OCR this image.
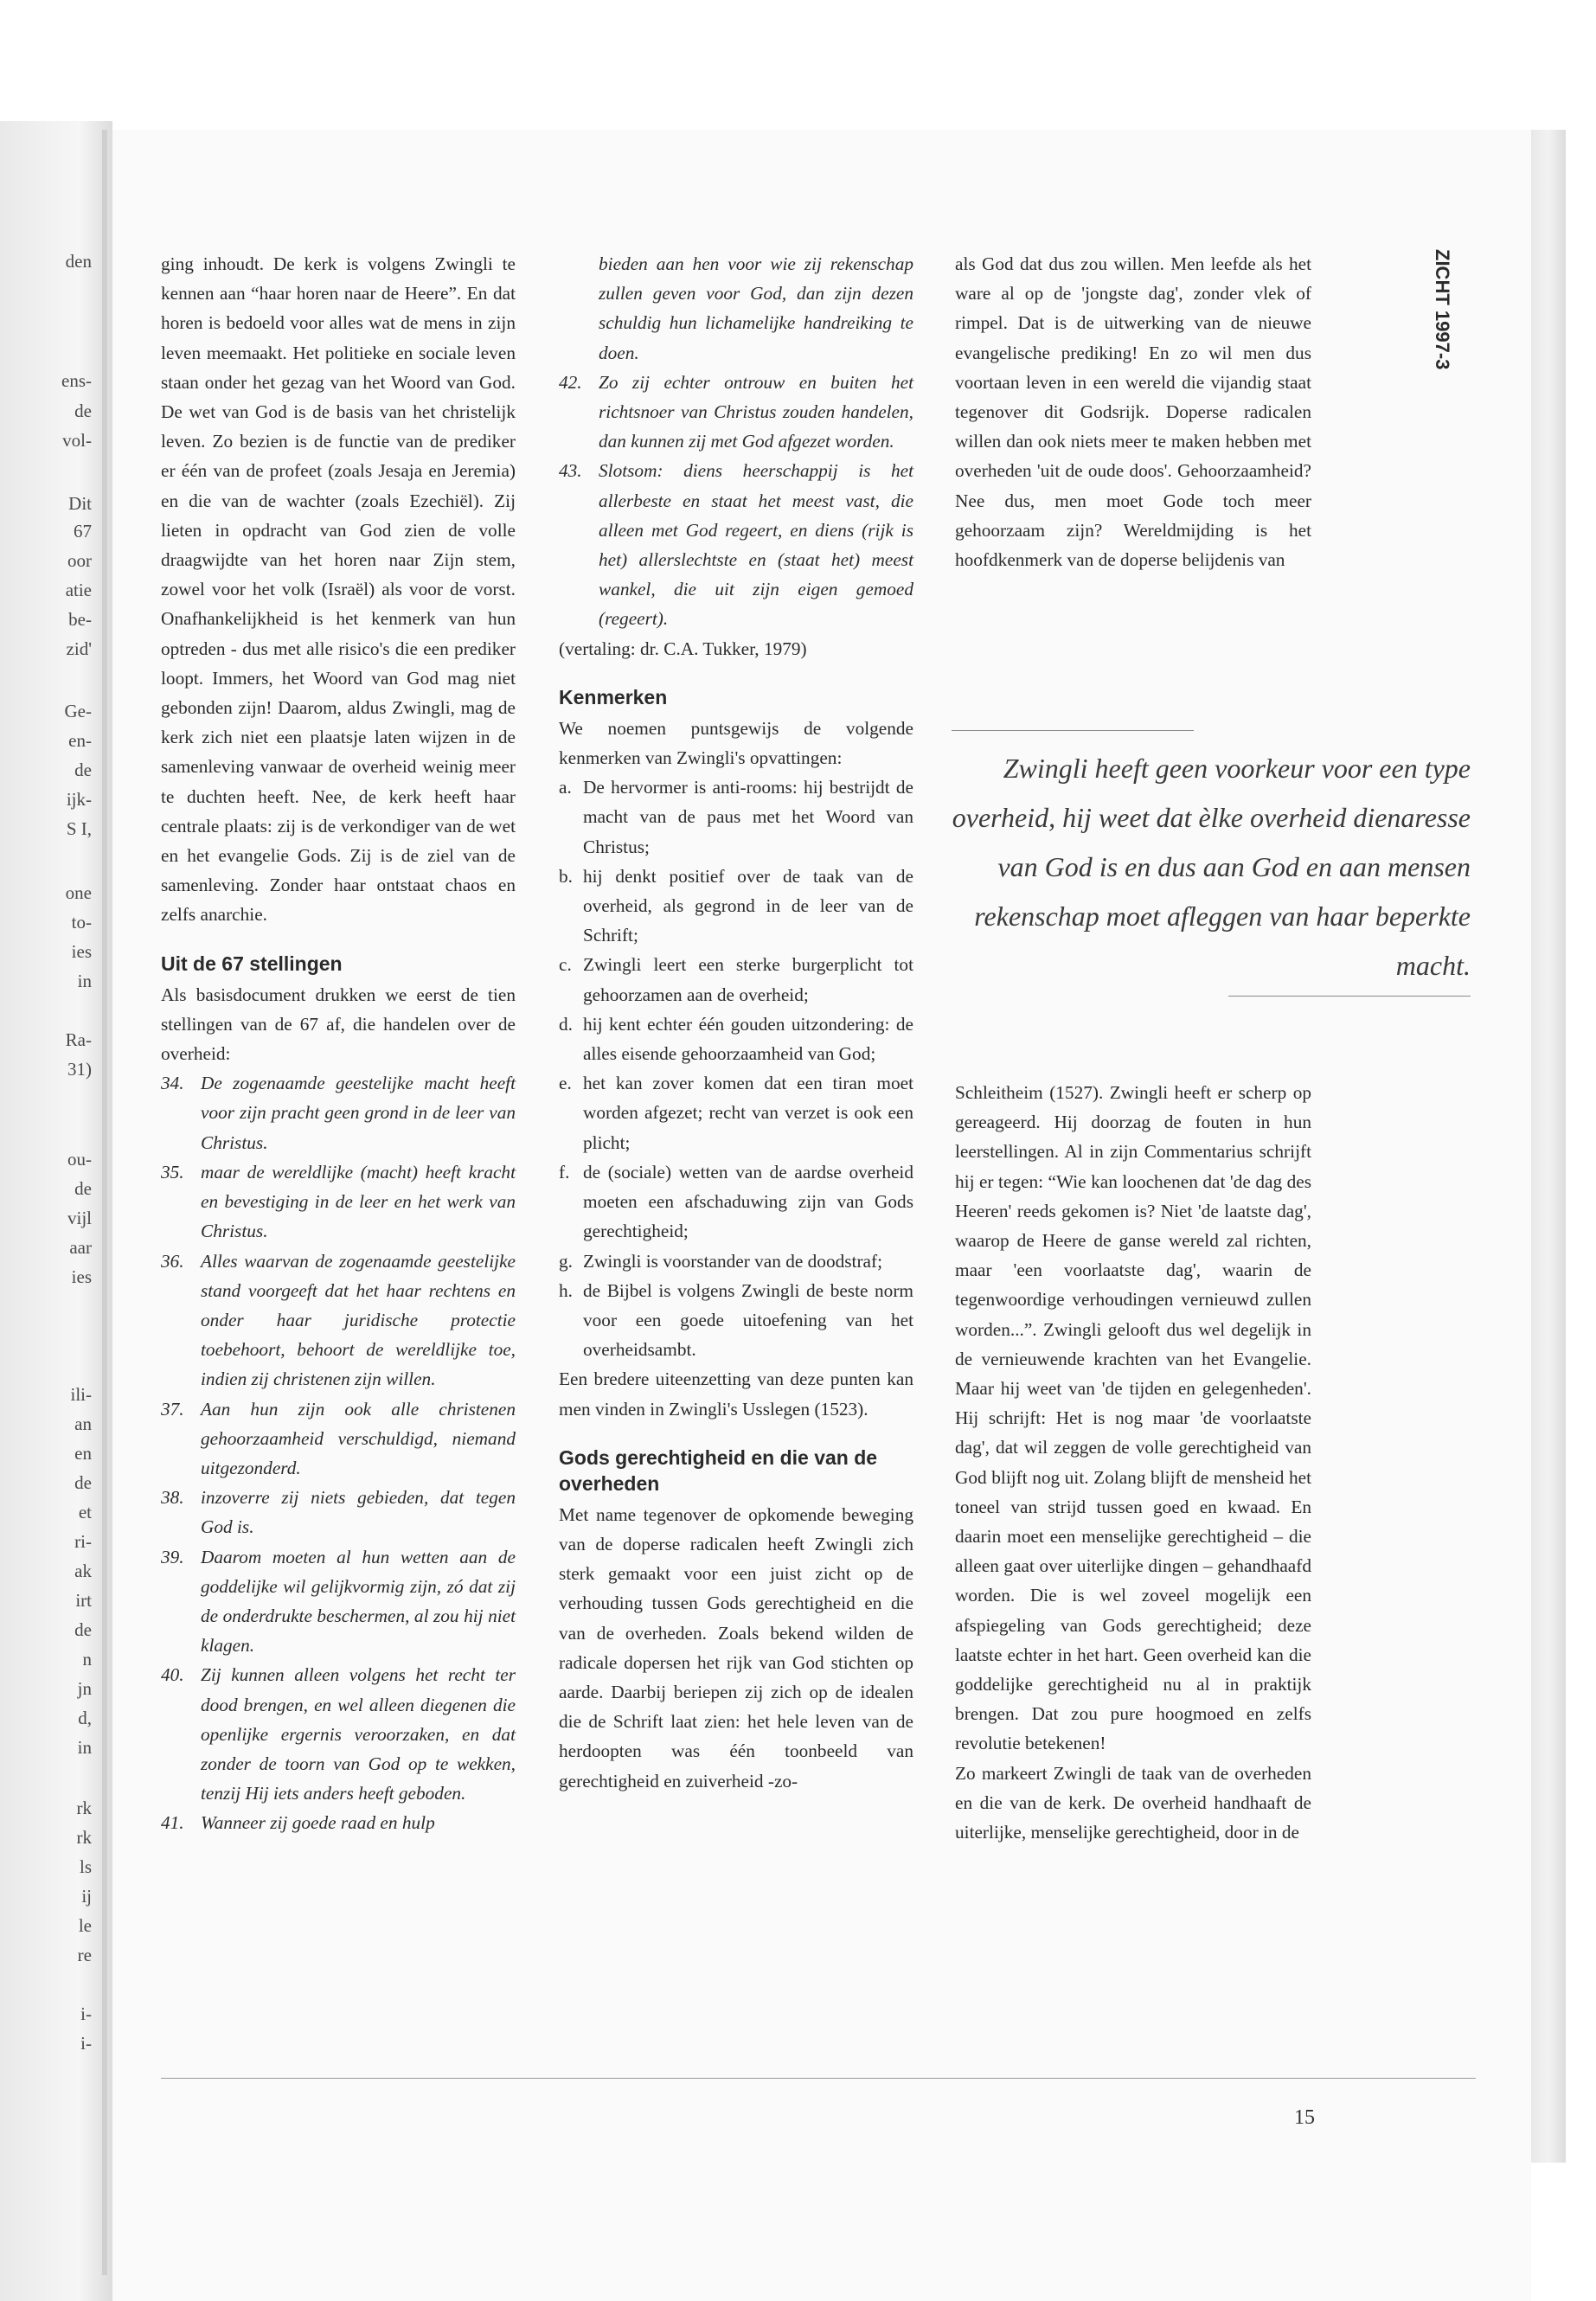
den
ens-
de
vol-
Dit
67
oor
atie
be-
zid'
Ge-
en-
de
ijk-
S I,
one
to-
ies
in
Ra-
31)
ou-
de
vijl
aar
ies
ili-
an
en
de
et
ri-
ak
irt
de
n
jn
d,
in
rk
rk
ls
ij
le
re
i-
i-

ZICHT 1997-3

ging inhoudt. De kerk is volgens Zwingli te kennen aan “haar horen naar de Heere”. En dat horen is bedoeld voor alles wat de mens in zijn leven meemaakt. Het politieke en sociale leven staan onder het gezag van het Woord van God. De wet van God is de basis van het christelijk leven. Zo bezien is de functie van de prediker er één van de profeet (zoals Jesaja en Jeremia) en die van de wachter (zoals Ezechiël). Zij lieten in opdracht van God zien de volle draagwijdte van het horen naar Zijn stem, zowel voor het volk (Israël) als voor de vorst. Onafhankelijkheid is het kenmerk van hun optreden - dus met alle risico's die een prediker loopt. Immers, het Woord van God mag niet gebonden zijn! Daarom, aldus Zwingli, mag de kerk zich niet een plaatsje laten wijzen in de samenleving vanwaar de overheid weinig meer te duchten heeft. Nee, de kerk heeft haar centrale plaats: zij is de verkondiger van de wet en het evangelie Gods. Zij is de ziel van de samenleving. Zonder haar ontstaat chaos en zelfs anarchie.

Uit de 67 stellingen

Als basisdocument drukken we eerst de tien stellingen van de 67 af, die handelen over de overheid:

34. De zogenaamde geestelijke macht heeft voor zijn pracht geen grond in de leer van Christus.

35. maar de wereldlijke (macht) heeft kracht en bevestiging in de leer en het werk van Christus.

36. Alles waarvan de zogenaamde geestelijke stand voorgeeft dat het haar rechtens en onder haar juridische protectie toebehoort, behoort de wereldlijke toe, indien zij christenen zijn willen.

37. Aan hun zijn ook alle christenen gehoorzaamheid verschuldigd, niemand uitgezonderd.

38. inzoverre zij niets gebieden, dat tegen God is.

39. Daarom moeten al hun wetten aan de goddelijke wil gelijkvormig zijn, zó dat zij de onderdrukte beschermen, al zou hij niet klagen.

40. Zij kunnen alleen volgens het recht ter dood brengen, en wel alleen diegenen die openlijke ergernis veroorzaken, en dat zonder de toorn van God op te wekken, tenzij Hij iets anders heeft geboden.

41. Wanneer zij goede raad en hulp

bieden aan hen voor wie zij rekenschap zullen geven voor God, dan zijn dezen schuldig hun lichamelijke handreiking te doen.

42. Zo zij echter ontrouw en buiten het richtsnoer van Christus zouden handelen, dan kunnen zij met God afgezet worden.

43. Slotsom: diens heerschappij is het allerbeste en staat het meest vast, die alleen met God regeert, en diens (rijk is het) allerslechtste en (staat het) meest wankel, die uit zijn eigen gemoed (regeert).

(vertaling: dr. C.A. Tukker, 1979)

Kenmerken

We noemen puntsgewijs de volgende kenmerken van Zwingli's opvattingen:

a. De hervormer is anti-rooms: hij bestrijdt de macht van de paus met het Woord van Christus;

b. hij denkt positief over de taak van de overheid, als gegrond in de leer van de Schrift;

c. Zwingli leert een sterke burgerplicht tot gehoorzamen aan de overheid;

d. hij kent echter één gouden uitzondering: de alles eisende gehoorzaamheid van God;

e. het kan zover komen dat een tiran moet worden afgezet; recht van verzet is ook een plicht;

f. de (sociale) wetten van de aardse overheid moeten een afschaduwing zijn van Gods gerechtigheid;

g. Zwingli is voorstander van de doodstraf;

h. de Bijbel is volgens Zwingli de beste norm voor een goede uitoefening van het overheidsambt.

Een bredere uiteenzetting van deze punten kan men vinden in Zwingli's Usslegen (1523).

Gods gerechtigheid en die van de overheden

Met name tegenover de opkomende beweging van de doperse radicalen heeft Zwingli zich sterk gemaakt voor een juist zicht op de verhouding tussen Gods gerechtigheid en die van de overheden. Zoals bekend wilden de radicale dopersen het rijk van God stichten op aarde. Daarbij beriepen zij zich op de idealen die de Schrift laat zien: het hele leven van de herdoopten was één toonbeeld van gerechtigheid en zuiverheid -zo-

als God dat dus zou willen. Men leefde als het ware al op de 'jongste dag', zonder vlek of rimpel. Dat is de uitwerking van de nieuwe evangelische prediking! En zo wil men dus voortaan leven in een wereld die vijandig staat tegenover dit Godsrijk. Doperse radicalen willen dan ook niets meer te maken hebben met overheden 'uit de oude doos'. Gehoorzaamheid? Nee dus, men moet Gode toch meer gehoorzaam zijn? Wereldmijding is het hoofdkenmerk van de doperse belijdenis van

Zwingli heeft geen voorkeur voor een type overheid, hij weet dat èlke overheid dienaresse van God is en dus aan God en aan mensen rekenschap moet afleggen van haar beperkte macht.

Schleitheim (1527). Zwingli heeft er scherp op gereageerd. Hij doorzag de fouten in hun leerstellingen. Al in zijn Commentarius schrijft hij er tegen: “Wie kan loochenen dat 'de dag des Heeren' reeds gekomen is? Niet 'de laatste dag', waarop de Heere de ganse wereld zal richten, maar 'een voorlaatste dag', waarin de tegenwoordige verhoudingen vernieuwd zullen worden...”. Zwingli gelooft dus wel degelijk in de vernieuwende krachten van het Evangelie. Maar hij weet van 'de tijden en gelegenheden'. Hij schrijft: Het is nog maar 'de voorlaatste dag', dat wil zeggen de volle gerechtigheid van God blijft nog uit. Zolang blijft de mensheid het toneel van strijd tussen goed en kwaad. En daarin moet een menselijke gerechtigheid – die alleen gaat over uiterlijke dingen – gehandhaafd worden. Die is wel zoveel mogelijk een afspiegeling van Gods gerechtigheid; deze laatste echter in het hart. Geen overheid kan die goddelijke gerechtigheid nu al in praktijk brengen. Dat zou pure hoogmoed en zelfs revolutie betekenen!

Zo markeert Zwingli de taak van de overheden en die van de kerk. De overheid handhaaft de uiterlijke, menselijke gerechtigheid, door in de

15
